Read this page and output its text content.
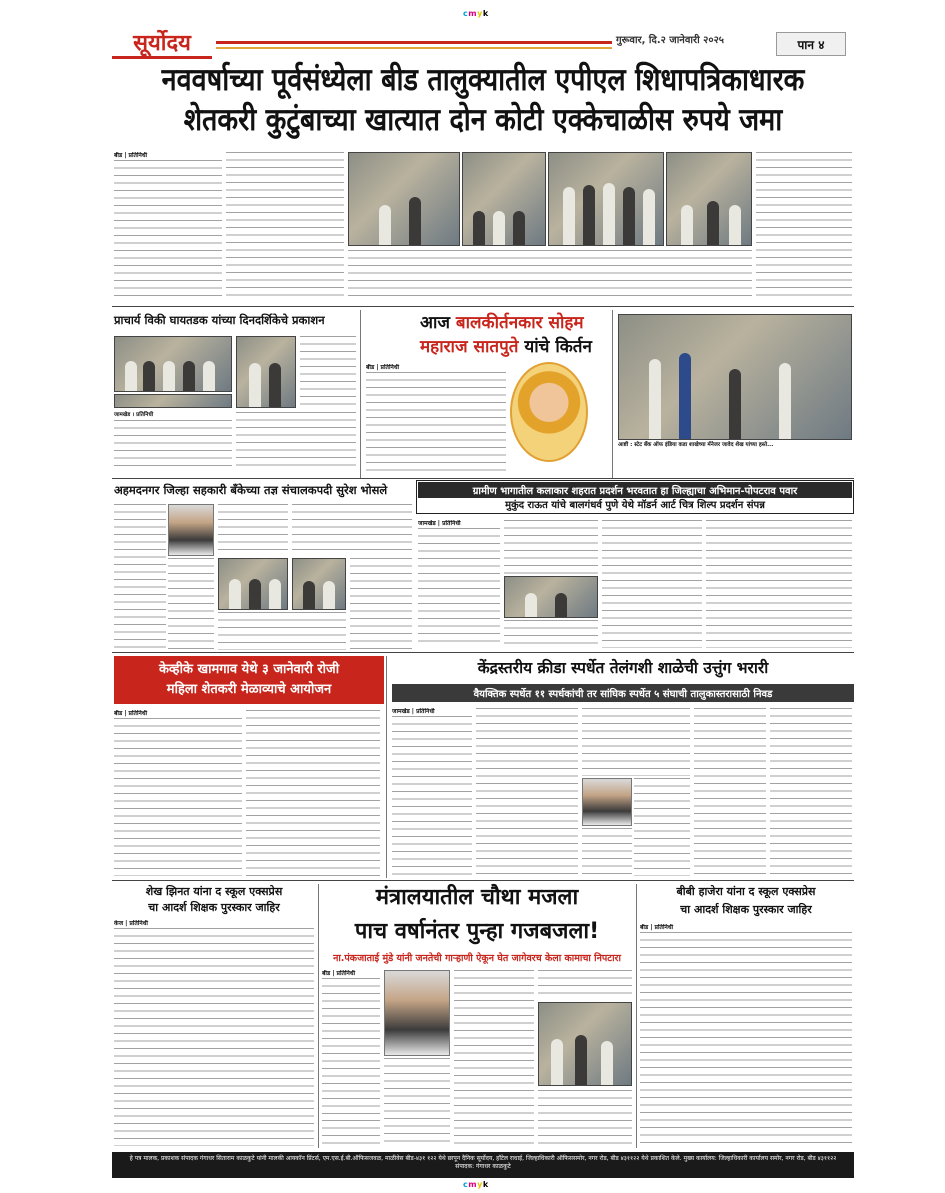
cmyk
cmyk
सूर्योदय	गुरूवार, दि.२ जानेवारी २०२५	पान ४
नववर्षाच्या पूर्वसंध्येला बीड तालुक्यातील एपीएल शिधापत्रिकाधारक
शेतकरी कुटुंबाच्या खात्यात दोन कोटी एक्केचाळीस रुपये जमा
बीड | प्रतिनिधी
प्राचार्य विकी घायतडक यांच्या दिनदर्शिकेचे प्रकाशन
जामखेड । प्रतिनिधी
आज बालकीर्तनकार सोहम
महाराज सातपुते यांचे किर्तन
बीड | प्रतिनिधी
आष्टी : स्टेट बँक ऑफ इंडिया कडा शाखेच्या मॅनेजर जावेद शेख यांच्या हस्ते...
अहमदनगर जिल्हा सहकारी बँकेच्या तज्ञ संचालकपदी सुरेश भोसले	ग्रामीण भागातील कलाकार शहरात प्रदर्शन भरवतात हा जिल्ह्याचा अभिमान-पोपटराव पवार
मुकुंद राऊत यांचे बालगंधर्व पुणे येथे मॉडर्न आर्ट चित्र शिल्प प्रदर्शन संपन्न
जामखेड | प्रतिनिधी
केव्हीके खामगाव येथे ३ जानेवारी रोजी
महिला शेतकरी मेळाव्याचे आयोजन
बीड | प्रतिनिधी
केंद्रस्तरीय क्रीडा स्पर्धेत तेलंगशी शाळेची उत्तुंग भरारी
वैयक्तिक स्पर्धेत ११ स्पर्धकांची तर सांघिक स्पर्धेत ५ संघाची तालुकास्तरासाठी निवड
जामखेड | प्रतिनिधी
शेख झिनत यांना द स्कूल एक्सप्रेस
चा आदर्श शिक्षक पुरस्कार जाहिर
केज | प्रतिनिधी
मंत्रालयातील चौथा मजला
पाच वर्षानंतर पुन्हा गजबजला!
ना.पंकजाताई मुंडे यांनी जनतेची गाऱ्हाणी ऐकून घेत जागेवरच केला कामाचा निपटारा
बीड | प्रतिनिधी
बीबी हाजेरा यांना द स्कूल एक्सप्रेस
चा आदर्श शिक्षक पुरस्कार जाहिर
बीड | प्रतिनिधी
हे पत्र मालक, प्रकाशक संपादक गंगाधर सिताराम काळकुटे यांनी मालकी आयकॉन प्रिंटर्स, एम.एस.ई.बी.ऑफिसजवळ, माळीवेस बीड-४३१ १२२ येथे छापून दैनिक सूर्योदय, हॉटेल राधाई, जिल्हाधिकारी ऑफिससमोर, नगर रोड, बीड ४३११२२ येथे प्रकाशित केले. मुख्य कार्यालय: जिल्हाधिकारी कार्यालय समोर, नगर रोड, बीड ४३११२२ संपादक: गंगाधर काळकुटे
